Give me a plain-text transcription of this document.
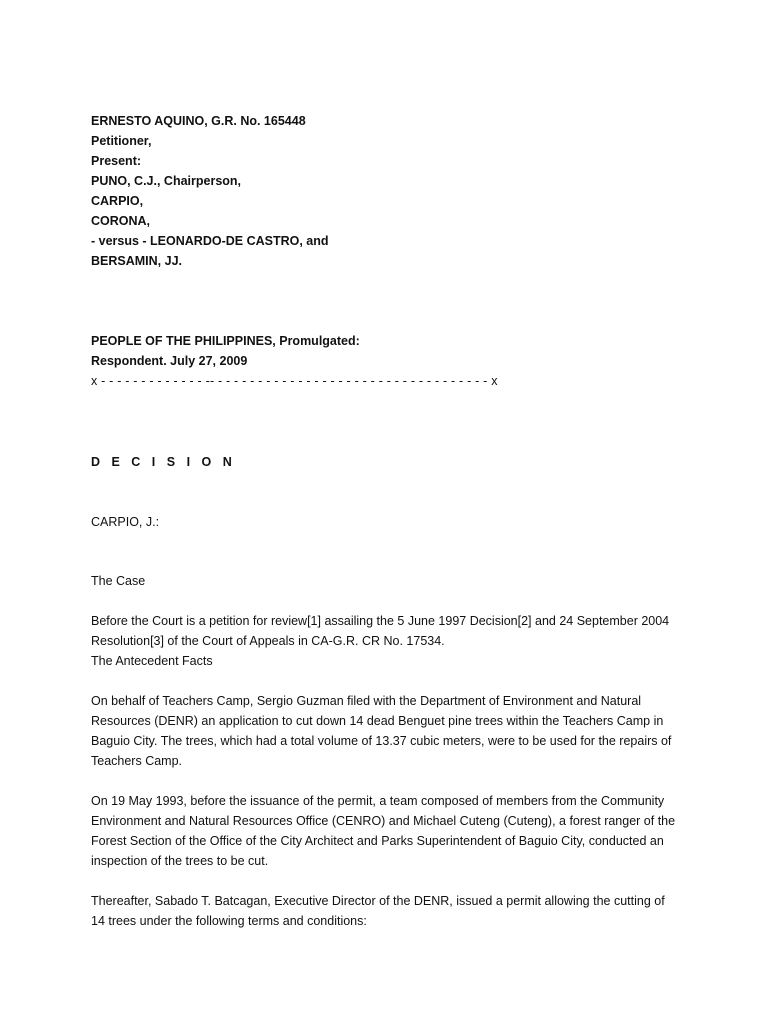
ERNESTO AQUINO, G.R. No. 165448
Petitioner,
Present:
PUNO, C.J., Chairperson,
CARPIO,
CORONA,
- versus - LEONARDO-DE CASTRO, and
BERSAMIN, JJ.
PEOPLE OF THE PHILIPPINES, Promulgated:
Respondent. July 27, 2009
x - - - - - - - - - - - - - -- - - - - - - - - - - - - - - - - - - - - - - - - - - - - - - - - - - x
D E C I S I O N
CARPIO, J.:
The Case
Before the Court is a petition for review[1] assailing the 5 June 1997 Decision[2] and 24 September 2004
Resolution[3] of the Court of Appeals in CA-G.R. CR No. 17534.
The Antecedent Facts
On behalf of Teachers Camp, Sergio Guzman filed with the Department of Environment and Natural
Resources (DENR) an application to cut down 14 dead Benguet pine trees within the Teachers Camp in
Baguio City. The trees, which had a total volume of 13.37 cubic meters, were to be used for the repairs of
Teachers Camp.
On 19 May 1993, before the issuance of the permit, a team composed of members from the Community
Environment and Natural Resources Office (CENRO) and Michael Cuteng (Cuteng), a forest ranger of the
Forest Section of the Office of the City Architect and Parks Superintendent of Baguio City, conducted an
inspection of the trees to be cut.
Thereafter, Sabado T. Batcagan, Executive Director of the DENR, issued a permit allowing the cutting of
14 trees under the following terms and conditions:
